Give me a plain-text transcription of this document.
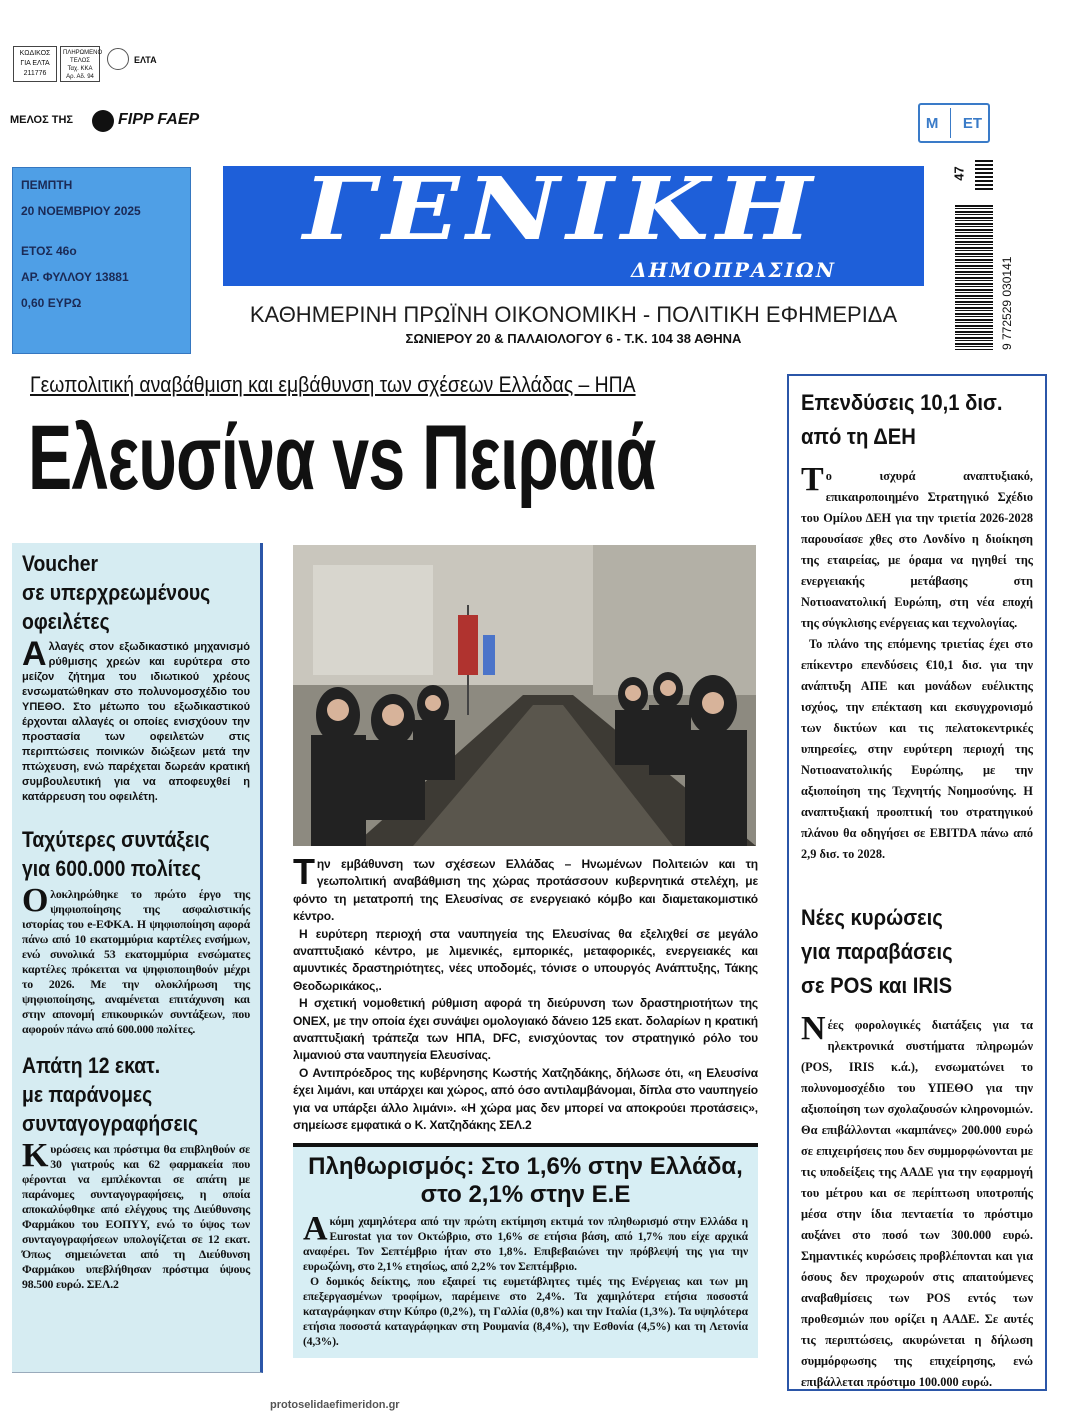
ΚΩΔΙΚΟΣ ΓΙΑ ΕΛΤΑ 211776
ΠΛΗΡΩΜΕΝΟ ΤΕΛΟΣ
Ταχ. ΚΚΑ
Αρ. Αδ. 94
ΕΛΤΑ
ΜΕΛΟΣ ΤΗΣ	FIPP FAEP	Μ ΕΤ
47
9 772529 030141
ΠΕΜΠΤΗ
20 ΝΟΕΜΒΡΙΟΥ 2025
ΕΤΟΣ 46ο
ΑΡ. ΦΥΛΛΟΥ 13881
0,60 ΕΥΡΩ
ΓΕΝΙΚΗ
ΔΗΜΟΠΡΑΣΙΩΝ
ΚΑΘΗΜΕΡΙΝΗ ΠΡΩΪΝΗ ΟΙΚΟΝΟΜΙΚΗ - ΠΟΛΙΤΙΚΗ ΕΦΗΜΕΡΙΔΑ
ΣΩΝΙΕΡΟΥ 20 & ΠΑΛΑΙΟΛΟΓΟΥ 6 - Τ.Κ. 104 38 ΑΘΗΝΑ
Γεωπολιτική αναβάθμιση και εμβάθυνση των σχέσεων Ελλάδας – ΗΠΑ
Ελευσίνα vs Πειραιά
Voucher
σε υπερχρεωμένους
οφειλέτες
Αλλαγές στον εξωδικαστικό μηχανισμό ρύθμισης χρεών και ευρύτερα στο μείζον ζήτημα του ιδιωτικού χρέους ενσωματώθηκαν στο πολυνομοσχέδιο του ΥΠΕΘΟ. Στο μέτωπο του εξωδικαστικού έρχονται αλλαγές οι οποίες ενισχύουν την προστασία των οφειλετών στις περιπτώσεις ποινικών διώξεων μετά την πτώχευση, ενώ παρέχεται δωρεάν κρατική συμβουλευτική για να αποφευχθεί η κατάρρευση του οφειλέτη.
Ταχύτερες συντάξεις
για 600.000 πολίτες
Ολοκληρώθηκε το πρώτο έργο της ψηφιοποίησης της ασφαλιστικής ιστορίας του e-ΕΦΚΑ. Η ψηφιοποίηση αφορά πάνω από 10 εκατομμύρια καρτέλες ενσήμων, ενώ συνολικά 53 εκατομμύρια ενσώματες καρτέλες πρόκειται να ψηφιοποιηθούν μέχρι το 2026. Με την ολοκλήρωση της ψηφιοποίησης, αναμένεται επιτάχυνση και στην απονομή επικουρικών συντάξεων, που αφορούν πάνω από 600.000 πολίτες.
Απάτη 12 εκατ.
με παράνομες
συνταγογραφήσεις
Κυρώσεις και πρόστιμα θα επιβληθούν σε 30 γιατρούς και 62 φαρμακεία που φέρονται να εμπλέκονται σε απάτη με παράνομες συνταγογραφήσεις, η οποία αποκαλύφθηκε από ελέγχους της Διεύθυνσης Φαρμάκου του ΕΟΠΥΥ, ενώ το ύψος των συνταγογραφήσεων υπολογίζεται σε 12 εκατ. Όπως σημειώνεται από τη Διεύθυνση Φαρμάκου υπεβλήθησαν πρόστιμα ύψους 98.500 ευρώ. ΣΕΛ.2

Την εμβάθυνση των σχέσεων Ελλάδας – Ηνωμένων Πολιτειών και τη γεωπολιτική αναβάθμιση της χώρας προτάσσουν κυβερνητικά στελέχη, με φόντο τη μετατροπή της Ελευσίνας σε ενεργειακό κόμβο και διαμετακομιστικό κέντρο.

Η ευρύτερη περιοχή στα ναυπηγεία της Ελευσίνας θα εξελιχθεί σε μεγάλο αναπτυξιακό κέντρο, με λιμενικές, εμπορικές, μεταφορικές, ενεργειακές και αμυντικές δραστηριότητες, νέες υποδομές, τόνισε ο υπουργός Ανάπτυξης, Τάκης Θεοδωρικάκος,.

Η σχετική νομοθετική ρύθμιση αφορά τη διεύρυνση των δραστηριοτήτων της ΟΝΕΧ, με την οποία έχει συνάψει ομολογιακό δάνειο 125 εκατ. δολαρίων η κρατική αναπτυξιακή τράπεζα των ΗΠΑ, DFC, ενισχύοντας τον στρατηγικό ρόλο του λιμανιού στα ναυπηγεία Ελευσίνας.

Ο Αντιπρόεδρος της κυβέρνησης Κωστής Χατζηδάκης, δήλωσε ότι, «η Ελευσίνα έχει λιμάνι, και υπάρχει και χώρος, από όσο αντιλαμβάνομαι, δίπλα στο ναυπηγείο για να υπάρξει άλλο λιμάνι». «Η χώρα μας δεν μπορεί να αποκρούει προτάσεις», σημείωσε εμφατικά ο Κ. Χατζηδάκης ΣΕΛ.2

Πληθωρισμός: Στο 1,6% στην Ελλάδα, στο 2,1% στην Ε.Ε
Ακόμη χαμηλότερα από την πρώτη εκτίμηση εκτιμά τον πληθωρισμό στην Ελλάδα η Eurostat για τον Οκτώβριο, στο 1,6% σε ετήσια βάση, από 1,7% που είχε αρχικά αναφέρει. Τον Σεπτέμβριο ήταν στο 1,8%. Επιβεβαιώνει την πρόβλεψή της για την ευρωζώνη, στο 2,1% ετησίως, από 2,2% τον Σεπτέμβριο.
Ο δομικός δείκτης, που εξαιρεί τις ευμετάβλητες τιμές της Ενέργειας και των μη επεξεργασμένων τροφίμων, παρέμεινε στο 2,4%. Τα χαμηλότερα ετήσια ποσοστά καταγράφηκαν στην Κύπρο (0,2%), τη Γαλλία (0,8%) και την Ιταλία (1,3%). Τα υψηλότερα ετήσια ποσοστά καταγράφηκαν στη Ρουμανία (8,4%), την Εσθονία (4,5%) και τη Λετονία (4,3%).
Επενδύσεις 10,1 δισ.
από τη ΔΕΗ

Το ισχυρά αναπτυξιακό, επικαιροποιημένο Στρατηγικό Σχέδιο του Ομίλου ΔΕΗ για την τριετία 2026-2028 παρουσίασε χθες στο Λονδίνο η διοίκηση της εταιρείας, με όραμα να ηγηθεί της ενεργειακής μετάβασης στη Νοτιοανατολική Ευρώπη, στη νέα εποχή της σύγκλισης ενέργειας και τεχνολογίας.

Το πλάνο της επόμενης τριετίας έχει στο επίκεντρο επενδύσεις €10,1 δισ. για την ανάπτυξη ΑΠΕ και μονάδων ευέλικτης ισχύος, την επέκταση και εκσυγχρονισμό των δικτύων και τις πελατοκεντρικές υπηρεσίες, στην ευρύτερη περιοχή της Νοτιοανατολικής Ευρώπης, με την αξιοποίηση της Τεχνητής Νοημοσύνης. Η αναπτυξιακή προοπτική του στρατηγικού πλάνου θα οδηγήσει σε EBITDA πάνω από 2,9 δισ. το 2028.

Νέες κυρώσεις
για παραβάσεις
σε POS και IRIS
Νέες φορολογικές διατάξεις για τα ηλεκτρονικά συστήματα πληρωμών (POS, IRIS κ.ά.), ενσωματώνει το πολυνομοσχέδιο του ΥΠΕΘΟ για την αξιοποίηση των σχολαζουσών κληρονομιών. Θα επιβάλλονται «καμπάνες» 200.000 ευρώ σε επιχειρήσεις που δεν συμμορφώνονται με τις υποδείξεις της ΑΑΔΕ για την εφαρμογή του μέτρου και σε περίπτωση υποτροπής μέσα στην ίδια πενταετία το πρόστιμο αυξάνει στο ποσό των 300.000 ευρώ. Σημαντικές κυρώσεις προβλέπονται και για όσους δεν προχωρούν στις απαιτούμενες αναβαθμίσεις των POS εντός των προθεσμιών που ορίζει η ΑΑΔΕ. Σε αυτές τις περιπτώσεις, ακυρώνεται η δήλωση συμμόρφωσης της επιχείρησης, ενώ επιβάλλεται πρόστιμο 100.000 ευρώ.
protoselidaefimeridon.gr
